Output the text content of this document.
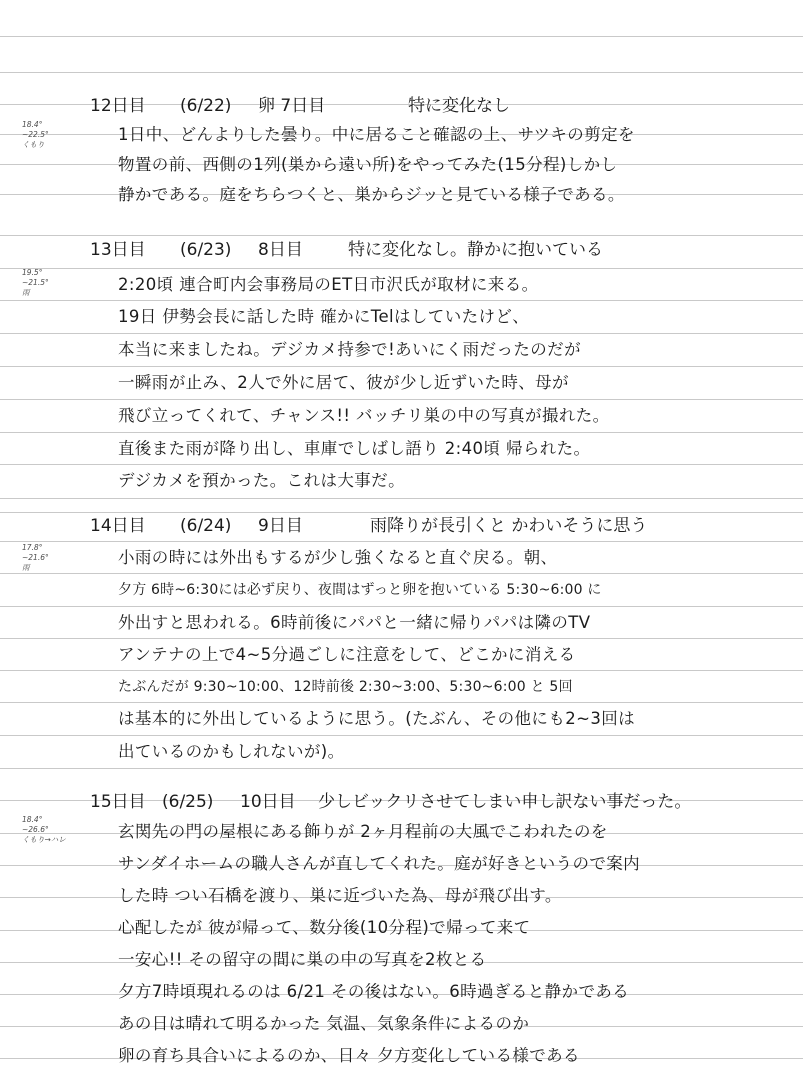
18.4°
~22.5°
くもり
12日目 (6/22) 卵 7日目	特に変化なし
1日中、どんよりした曇り。中に居ること確認の上、サツキの剪定を
物置の前、西側の1列(巣から遠い所)をやってみた(15分程)しかし
静かである。庭をちらつくと、巣からジッと見ている様子である。
19.5°
~21.5°
雨
13日目 (6/23) 8日目	特に変化なし。静かに抱いている
2:20頃 連合町内会事務局のET日市沢氏が取材に来る。
19日 伊勢会長に話した時 確かにTelはしていたけど、
本当に来ましたね。デジカメ持参で!あいにく雨だったのだが
一瞬雨が止み、2人で外に居て、彼が少し近ずいた時、母が
飛び立ってくれて、チャンス!! バッチリ巣の中の写真が撮れた。
直後また雨が降り出し、車庫でしばし語り 2:40頃 帰られた。
デジカメを預かった。これは大事だ。
17.8°
~21.6°
雨
14日目 (6/24) 9日目	雨降りが長引くと かわいそうに思う
小雨の時には外出もするが少し強くなると直ぐ戻る。朝、
夕方 6時~6:30には必ず戻り、夜間はずっと卵を抱いている 5:30~6:00 に
外出すと思われる。6時前後にパパと一緒に帰りパパは隣のTV
アンテナの上で4~5分過ごしに注意をして、どこかに消える
たぶんだが 9:30~10:00、12時前後 2:30~3:00、5:30~6:00 と 5回
は基本的に外出しているように思う。(たぶん、その他にも2~3回は
出ているのかもしれないが)。
18.4°
~26.6°
くもり→ハレ
15日目 (6/25) 10日目 少しビックリさせてしまい申し訳ない事だった。
玄関先の門の屋根にある飾りが 2ヶ月程前の大風でこわれたのを
サンダイホームの職人さんが直してくれた。庭が好きというので案内
した時 つい石橋を渡り、巣に近づいた為、母が飛び出す。
心配したが 彼が帰って、数分後(10分程)で帰って来て
一安心!! その留守の間に巣の中の写真を2枚とる
夕方7時頃現れるのは 6/21 その後はない。6時過ぎると静かである
あの日は晴れて明るかった 気温、気象条件によるのか
卵の育ち具合いによるのか、日々 夕方変化している様である
